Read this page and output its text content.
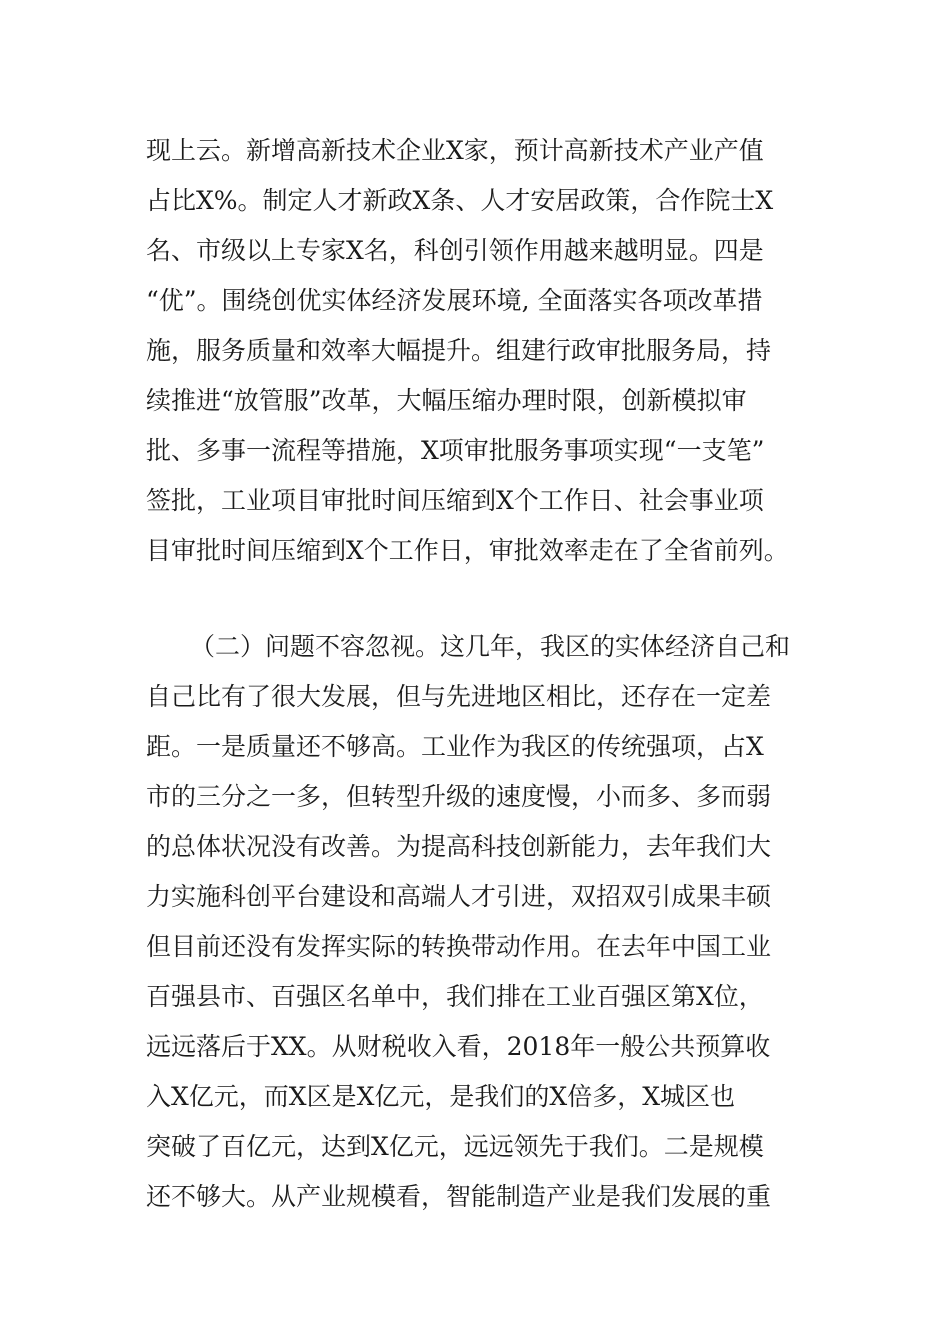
现上云。新增高新技术企业X家，预计高新技术产业产值
占比X%。制定人才新政X条、人才安居政策，合作院士X
名、市级以上专家X名，科创引领作用越来越明显。四是
“优”。围绕创优实体经济发展环境, 全面落实各项改革措
施，服务质量和效率大幅提升。组建行政审批服务局，持
续推进“放管服”改革，大幅压缩办理时限，创新模拟审
批、多事一流程等措施，X项审批服务事项实现“一支笔”
签批，工业项目审批时间压缩到X个工作日、社会事业项
目审批时间压缩到X个工作日，审批效率走在了全省前列。
（二）问题不容忽视。这几年，我区的实体经济自己和
自己比有了很大发展，但与先进地区相比，还存在一定差
距。一是质量还不够高。工业作为我区的传统强项，占X
市的三分之一多，但转型升级的速度慢，小而多、多而弱
的总体状况没有改善。为提高科技创新能力，去年我们大
力实施科创平台建设和高端人才引进，双招双引成果丰硕
但目前还没有发挥实际的转换带动作用。在去年中国工业
百强县市、百强区名单中，我们排在工业百强区第X位，
远远落后于XX。从财税收入看，2018年一般公共预算收
入X亿元，而X区是X亿元，是我们的X倍多，X城区也
突破了百亿元，达到X亿元，远远领先于我们。二是规模
还不够大。从产业规模看，智能制造产业是我们发展的重
